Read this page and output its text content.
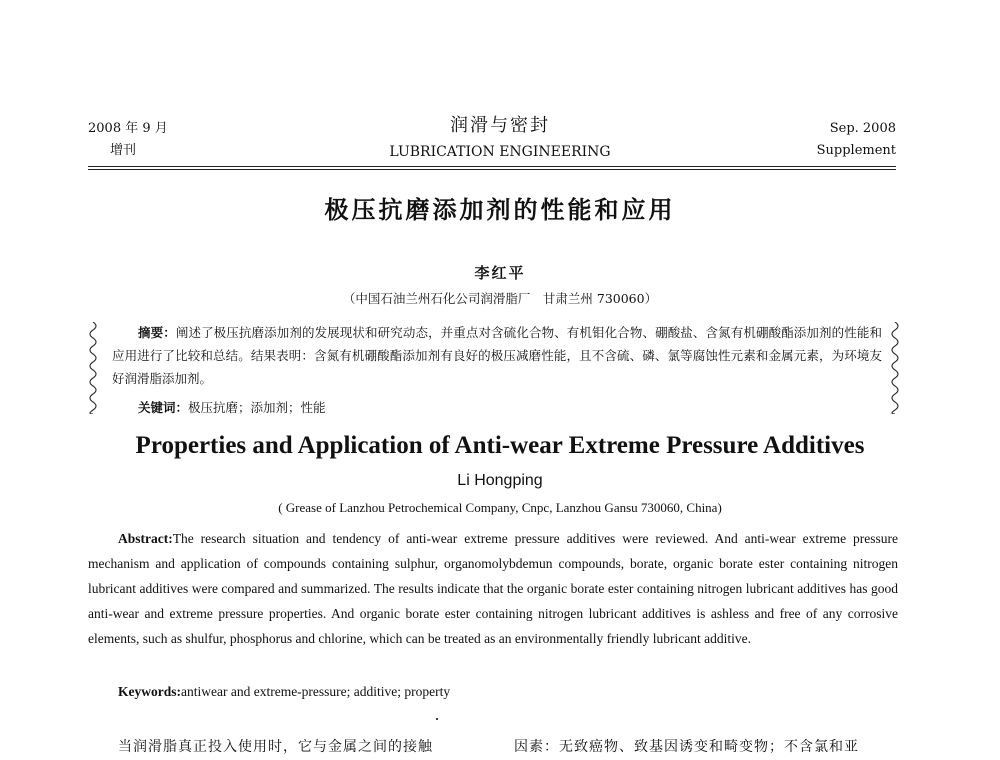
2008 年 9 月
增刊
润滑与密封
LUBRICATION ENGINEERING
Sep. 2008
Supplement
极压抗磨添加剂的性能和应用
李红平
（中国石油兰州石化公司润滑脂厂　甘肃兰州 730060）
摘要：阐述了极压抗磨添加剂的发展现状和研究动态，并重点对含硫化合物、有机钼化合物、硼酸盐、含氮有机硼酸酯添加剂的性能和应用进行了比较和总结。结果表明：含氮有机硼酸酯添加剂有良好的极压减磨性能，且不含硫、磷、氯等腐蚀性元素和金属元素，为环境友好润滑脂添加剂。
关键词：极压抗磨；添加剂；性能
Properties and Application of Anti-wear Extreme Pressure Additives
Li Hongping
( Grease of Lanzhou Petrochemical Company, Cnpc, Lanzhou Gansu 730060, China)
Abstract:The research situation and tendency of anti-wear extreme pressure additives were reviewed. And anti-wear extreme pressure mechanism and application of compounds containing sulphur, organomolybdemun compounds, borate, organic borate ester containing nitrogen lubricant additives were compared and summarized. The results indicate that the organic borate ester containing nitrogen lubricant additives has good anti-wear and extreme pressure properties. And organic borate ester containing nitrogen lubricant additives is ashless and free of any corrosive elements, such as shulfur, phosphorus and chlorine, which can be treated as an environmentally friendly lubricant additive.
Keywords:antiwear and extreme-pressure; additive; property
当润滑脂真正投入使用时，它与金属之间的接触	因素：无致癌物、致基因诱变和畸变物；不含氯和亚
